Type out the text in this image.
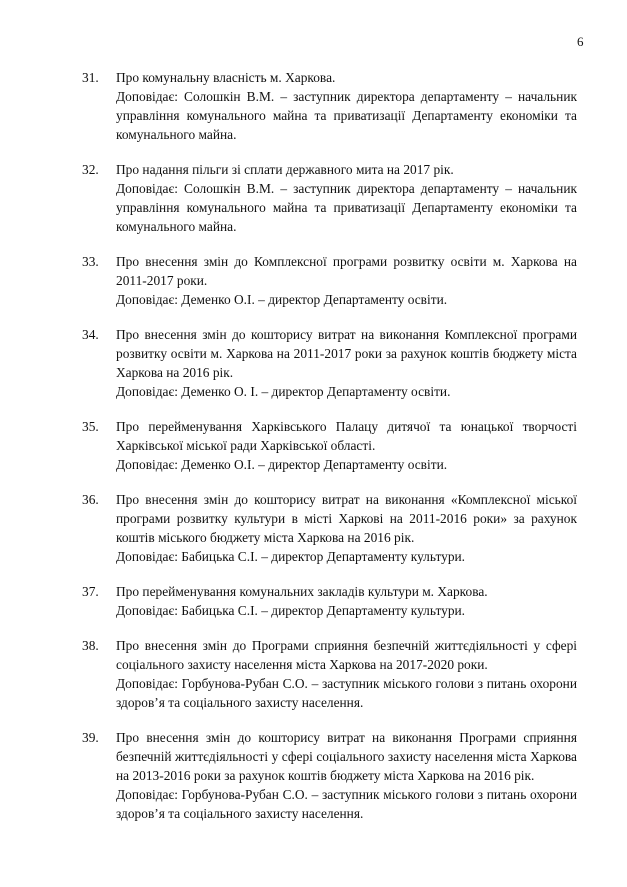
6
31.	Про комунальну власність м. Харкова.
Доповідає: Солошкін В.М. – заступник директора департаменту – начальник управління комунального майна та приватизації Департаменту економіки та комунального майна.
32.	Про надання пільги зі сплати державного мита на 2017 рік.
Доповідає: Солошкін В.М. – заступник директора департаменту – начальник управління комунального майна та приватизації Департаменту економіки та комунального майна.
33.	Про внесення змін до Комплексної програми розвитку освіти м. Харкова на 2011-2017 роки.
Доповідає: Деменко О.І. – директор Департаменту освіти.
34.	Про внесення змін до кошторису витрат на виконання Комплексної програми розвитку освіти м. Харкова на 2011-2017 роки за рахунок коштів бюджету міста Харкова на 2016 рік.
Доповідає: Деменко О. І. – директор Департаменту освіти.
35.	Про перейменування Харківського Палацу дитячої та юнацької творчості Харківської міської ради Харківської області.
Доповідає: Деменко О.І. – директор Департаменту освіти.
36.	Про внесення змін до кошторису витрат на виконання «Комплексної міської програми розвитку культури в місті Харкові на 2011-2016 роки» за рахунок коштів міського бюджету міста Харкова на 2016 рік.
Доповідає: Бабицька С.І. – директор Департаменту культури.
37.	Про перейменування комунальних закладів культури м. Харкова.
Доповідає: Бабицька С.І. – директор Департаменту культури.
38.	Про внесення змін до Програми сприяння безпечній життєдіяльності у сфері соціального захисту населення міста Харкова на 2017-2020 роки.
Доповідає: Горбунова-Рубан С.О. – заступник міського голови з питань охорони здоров’я та соціального захисту населення.
39.	Про внесення змін до кошторису витрат на виконання Програми сприяння безпечній життєдіяльності у сфері соціального захисту населення міста Харкова на 2013-2016 роки за рахунок коштів бюджету міста Харкова на 2016 рік.
Доповідає: Горбунова-Рубан С.О. – заступник міського голови з питань охорони здоров’я та соціального захисту населення.
